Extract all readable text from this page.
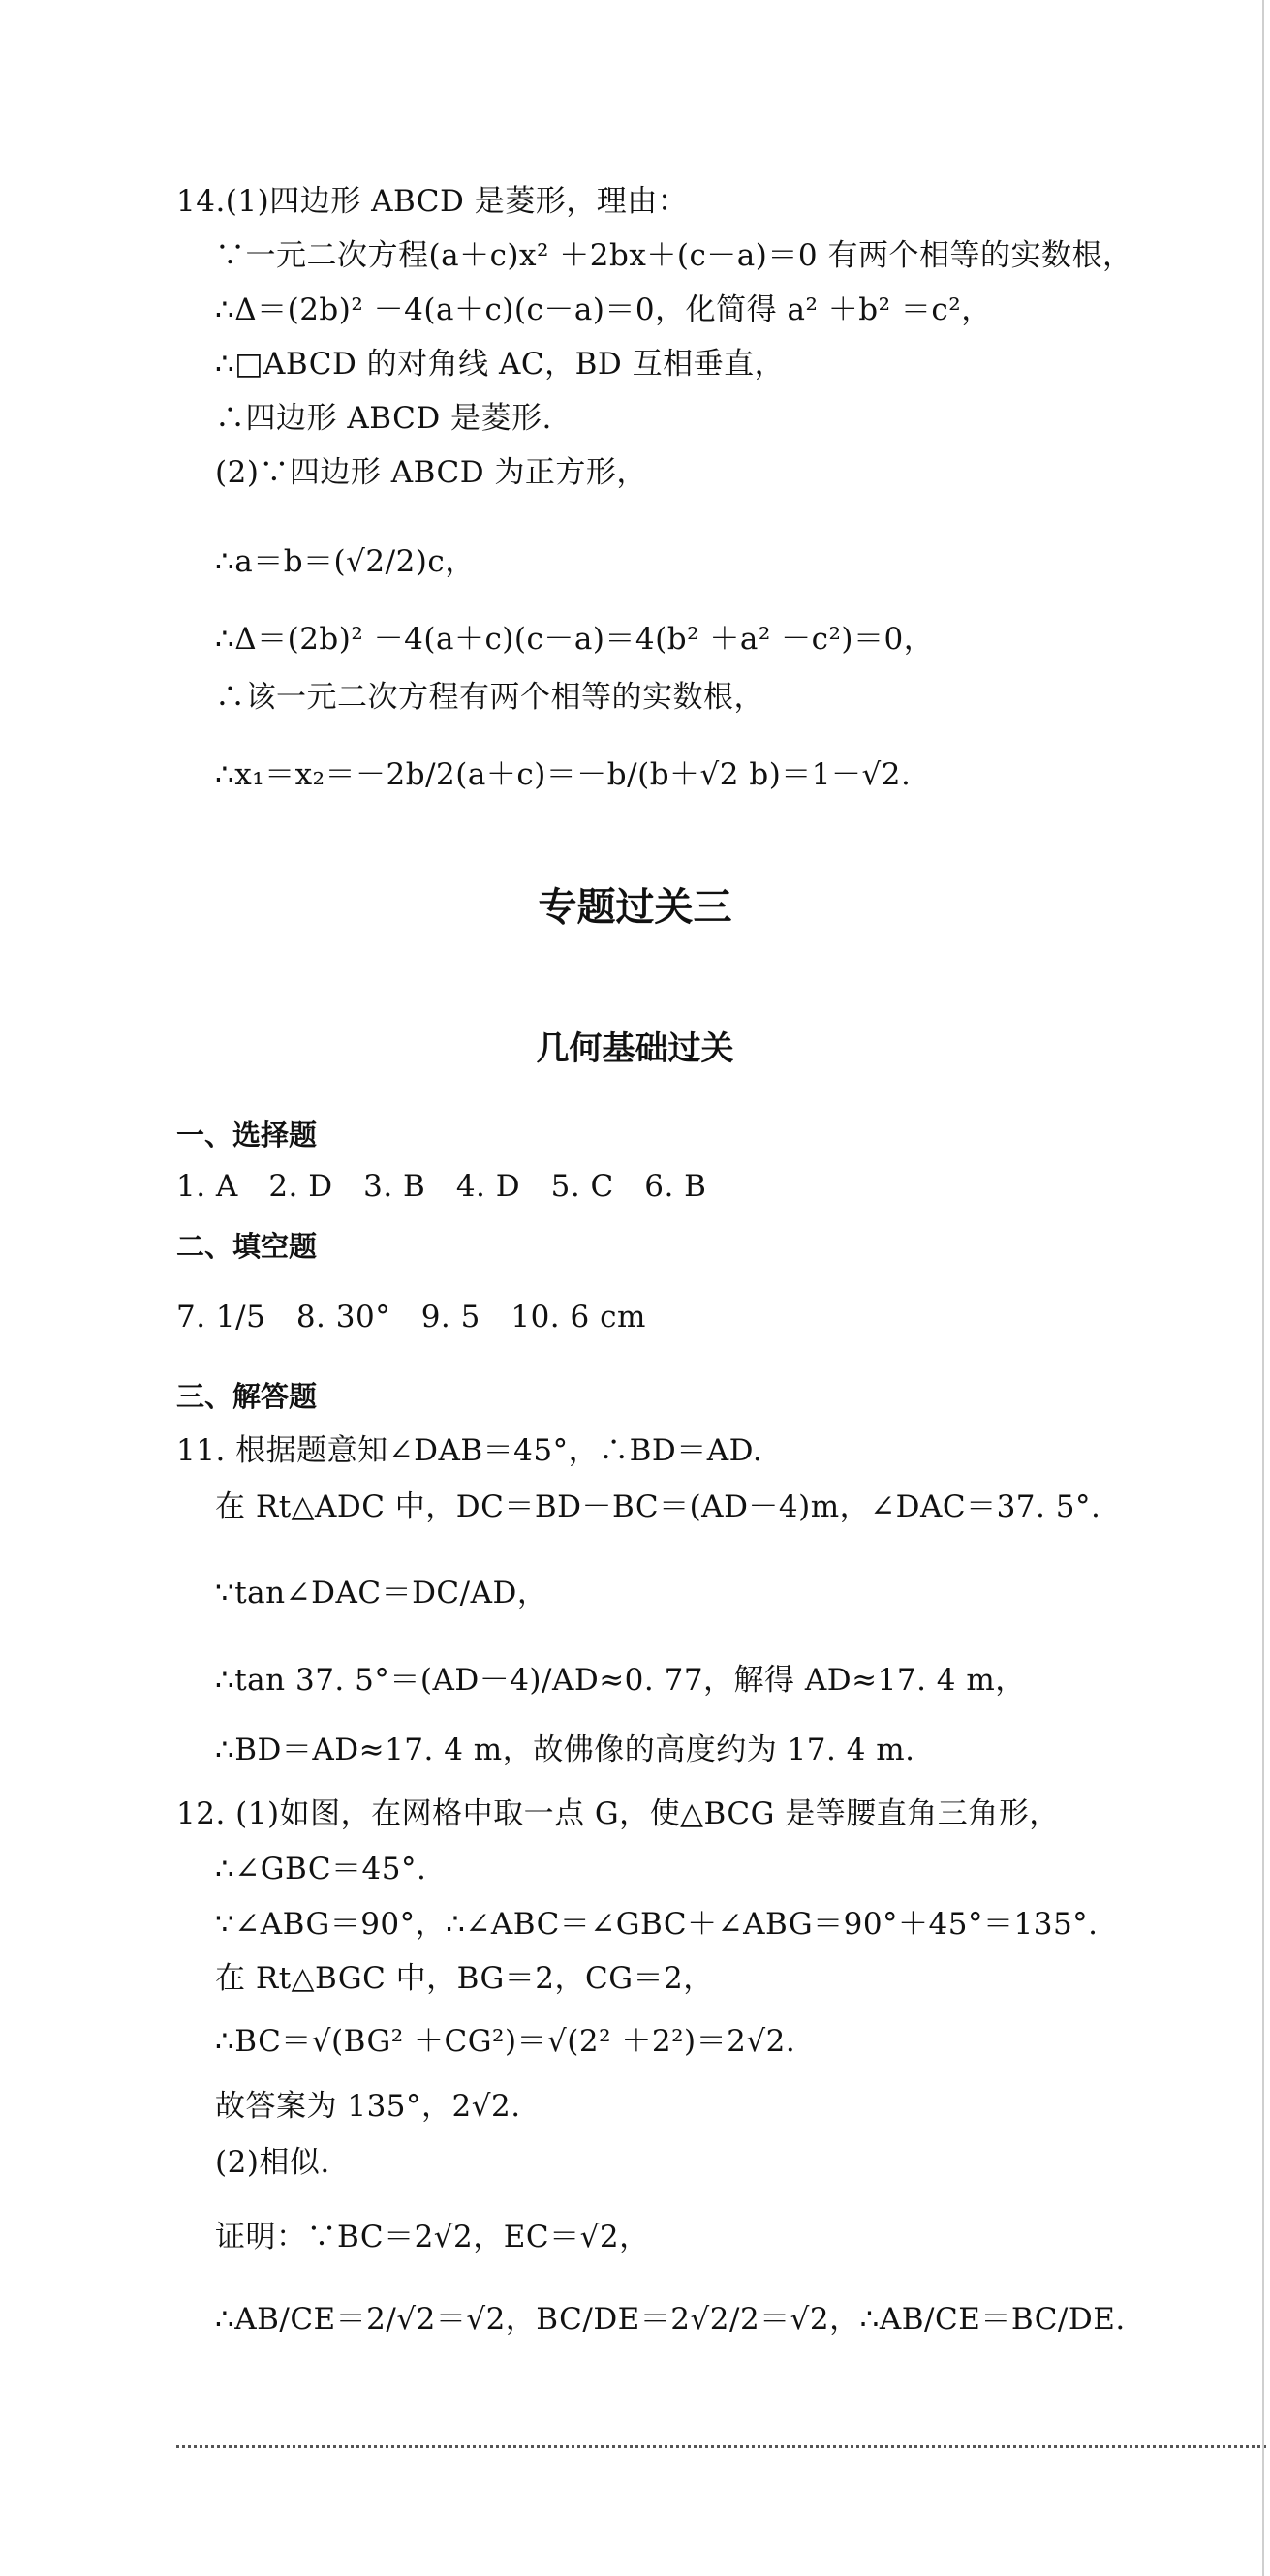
14.(1)四边形 ABCD 是菱形，理由：
∵一元二次方程(a＋c)x² ＋2bx＋(c－a)＝0 有两个相等的实数根，
∴Δ＝(2b)² －4(a＋c)(c－a)＝0，化简得 a² ＋b² ＝c²，
∴□ABCD 的对角线 AC，BD 互相垂直，
∴四边形 ABCD 是菱形.
(2)∵四边形 ABCD 为正方形，
∴a＝b＝(√2/2)c，
∴Δ＝(2b)² －4(a＋c)(c－a)＝4(b² ＋a² －c²)＝0，
∴该一元二次方程有两个相等的实数根，
∴x₁＝x₂＝－2b/2(a＋c)＝－b/(b＋√2 b)＝1－√2.
专题过关三
几何基础过关
一、选择题
1. A　2. D　3. B　4. D　5. C　6. B
二、填空题
7. 1/5　8. 30°　9. 5　10. 6 cm
三、解答题
11. 根据题意知∠DAB＝45°，∴BD＝AD.
在 Rt△ADC 中，DC＝BD－BC＝(AD－4)m，∠DAC＝37. 5°.
∵tan∠DAC＝DC/AD，
∴tan 37. 5°＝(AD－4)/AD≈0. 77，解得 AD≈17. 4 m，
∴BD＝AD≈17. 4 m，故佛像的高度约为 17. 4 m.
12. (1)如图，在网格中取一点 G，使△BCG 是等腰直角三角形，
∴∠GBC＝45°.
∵∠ABG＝90°，∴∠ABC＝∠GBC＋∠ABG＝90°＋45°＝135°.
在 Rt△BGC 中，BG＝2，CG＝2，
∴BC＝√(BG² ＋CG²)＝√(2² ＋2²)＝2√2.
故答案为 135°，2√2.
(2)相似.
证明：∵BC＝2√2，EC＝√2，
∴AB/CE＝2/√2＝√2，BC/DE＝2√2/2＝√2，∴AB/CE＝BC/DE.
